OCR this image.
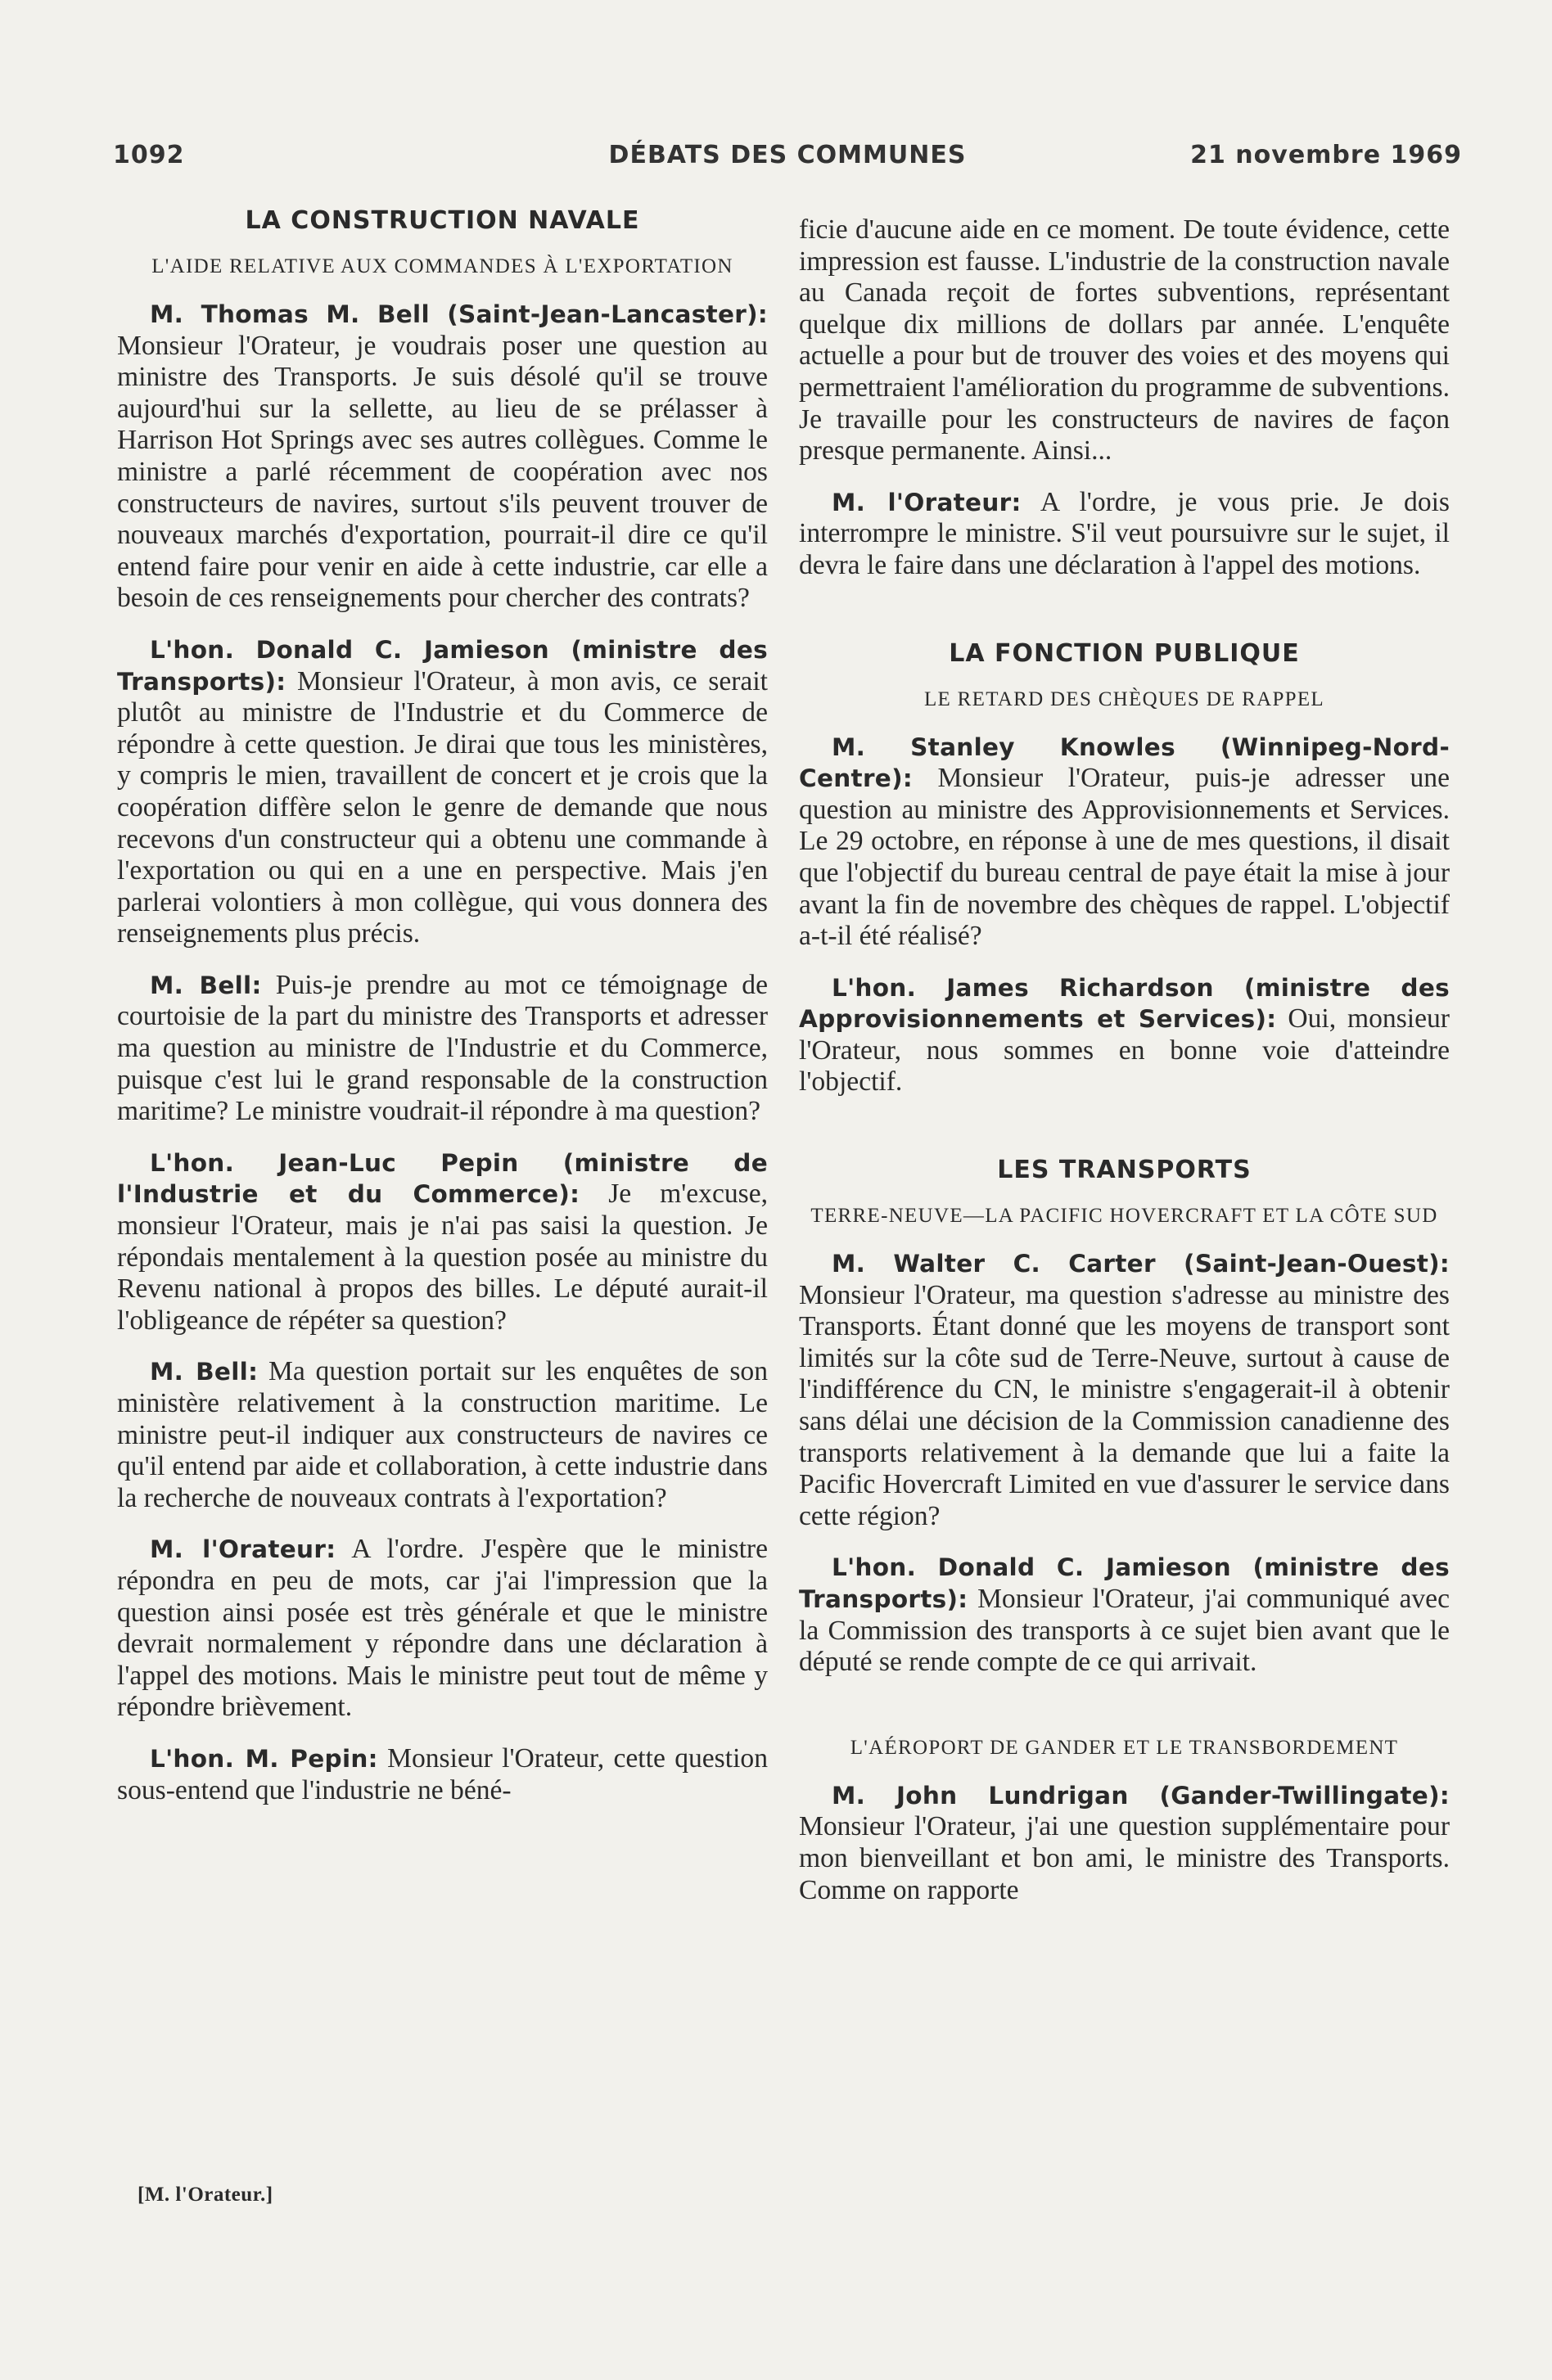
1092	DÉBATS DES COMMUNES	21 novembre 1969
LA CONSTRUCTION NAVALE

L'AIDE RELATIVE AUX COMMANDES À L'EXPORTATION

M. Thomas M. Bell (Saint-Jean-Lancaster): Monsieur l'Orateur, je voudrais poser une question au ministre des Transports. Je suis désolé qu'il se trouve aujourd'hui sur la sellette, au lieu de se prélasser à Harrison Hot Springs avec ses autres collègues. Comme le ministre a parlé récemment de coopération avec nos constructeurs de navires, surtout s'ils peuvent trouver de nouveaux marchés d'exportation, pourrait-il dire ce qu'il entend faire pour venir en aide à cette industrie, car elle a besoin de ces renseignements pour chercher des contrats?

L'hon. Donald C. Jamieson (ministre des Transports): Monsieur l'Orateur, à mon avis, ce serait plutôt au ministre de l'Industrie et du Commerce de répondre à cette question. Je dirai que tous les ministères, y compris le mien, travaillent de concert et je crois que la coopération diffère selon le genre de demande que nous recevons d'un constructeur qui a obtenu une commande à l'exportation ou qui en a une en perspective. Mais j'en parlerai volontiers à mon collègue, qui vous donnera des renseignements plus précis.

M. Bell: Puis-je prendre au mot ce témoignage de courtoisie de la part du ministre des Transports et adresser ma question au ministre de l'Industrie et du Commerce, puisque c'est lui le grand responsable de la construction maritime? Le ministre voudrait-il répondre à ma question?

L'hon. Jean-Luc Pepin (ministre de l'Industrie et du Commerce): Je m'excuse, monsieur l'Orateur, mais je n'ai pas saisi la question. Je répondais mentalement à la question posée au ministre du Revenu national à propos des billes. Le député aurait-il l'obligeance de répéter sa question?

M. Bell: Ma question portait sur les enquêtes de son ministère relativement à la construction maritime. Le ministre peut-il indiquer aux constructeurs de navires ce qu'il entend par aide et collaboration, à cette industrie dans la recherche de nouveaux contrats à l'exportation?

M. l'Orateur: A l'ordre. J'espère que le ministre répondra en peu de mots, car j'ai l'impression que la question ainsi posée est très générale et que le ministre devrait normalement y répondre dans une déclaration à l'appel des motions. Mais le ministre peut tout de même y répondre brièvement.

L'hon. M. Pepin: Monsieur l'Orateur, cette question sous-entend que l'industrie ne béné-

[M. l'Orateur.]

ficie d'aucune aide en ce moment. De toute évidence, cette impression est fausse. L'industrie de la construction navale au Canada reçoit de fortes subventions, représentant quelque dix millions de dollars par année. L'enquête actuelle a pour but de trouver des voies et des moyens qui permettraient l'amélioration du programme de subventions. Je travaille pour les constructeurs de navires de façon presque permanente. Ainsi...

M. l'Orateur: A l'ordre, je vous prie. Je dois interrompre le ministre. S'il veut poursuivre sur le sujet, il devra le faire dans une déclaration à l'appel des motions.

LA FONCTION PUBLIQUE

LE RETARD DES CHÈQUES DE RAPPEL

M. Stanley Knowles (Winnipeg-Nord-Centre): Monsieur l'Orateur, puis-je adresser une question au ministre des Approvisionnements et Services. Le 29 octobre, en réponse à une de mes questions, il disait que l'objectif du bureau central de paye était la mise à jour avant la fin de novembre des chèques de rappel. L'objectif a-t-il été réalisé?

L'hon. James Richardson (ministre des Approvisionnements et Services): Oui, monsieur l'Orateur, nous sommes en bonne voie d'atteindre l'objectif.

LES TRANSPORTS

TERRE-NEUVE—LA PACIFIC HOVERCRAFT ET LA CÔTE SUD

M. Walter C. Carter (Saint-Jean-Ouest): Monsieur l'Orateur, ma question s'adresse au ministre des Transports. Étant donné que les moyens de transport sont limités sur la côte sud de Terre-Neuve, surtout à cause de l'indifférence du CN, le ministre s'engagerait-il à obtenir sans délai une décision de la Commission canadienne des transports relativement à la demande que lui a faite la Pacific Hovercraft Limited en vue d'assurer le service dans cette région?

L'hon. Donald C. Jamieson (ministre des Transports): Monsieur l'Orateur, j'ai communiqué avec la Commission des transports à ce sujet bien avant que le député se rende compte de ce qui arrivait.

L'AÉROPORT DE GANDER ET LE TRANSBORDEMENT

M. John Lundrigan (Gander-Twillingate): Monsieur l'Orateur, j'ai une question supplémentaire pour mon bienveillant et bon ami, le ministre des Transports. Comme on rapporte
